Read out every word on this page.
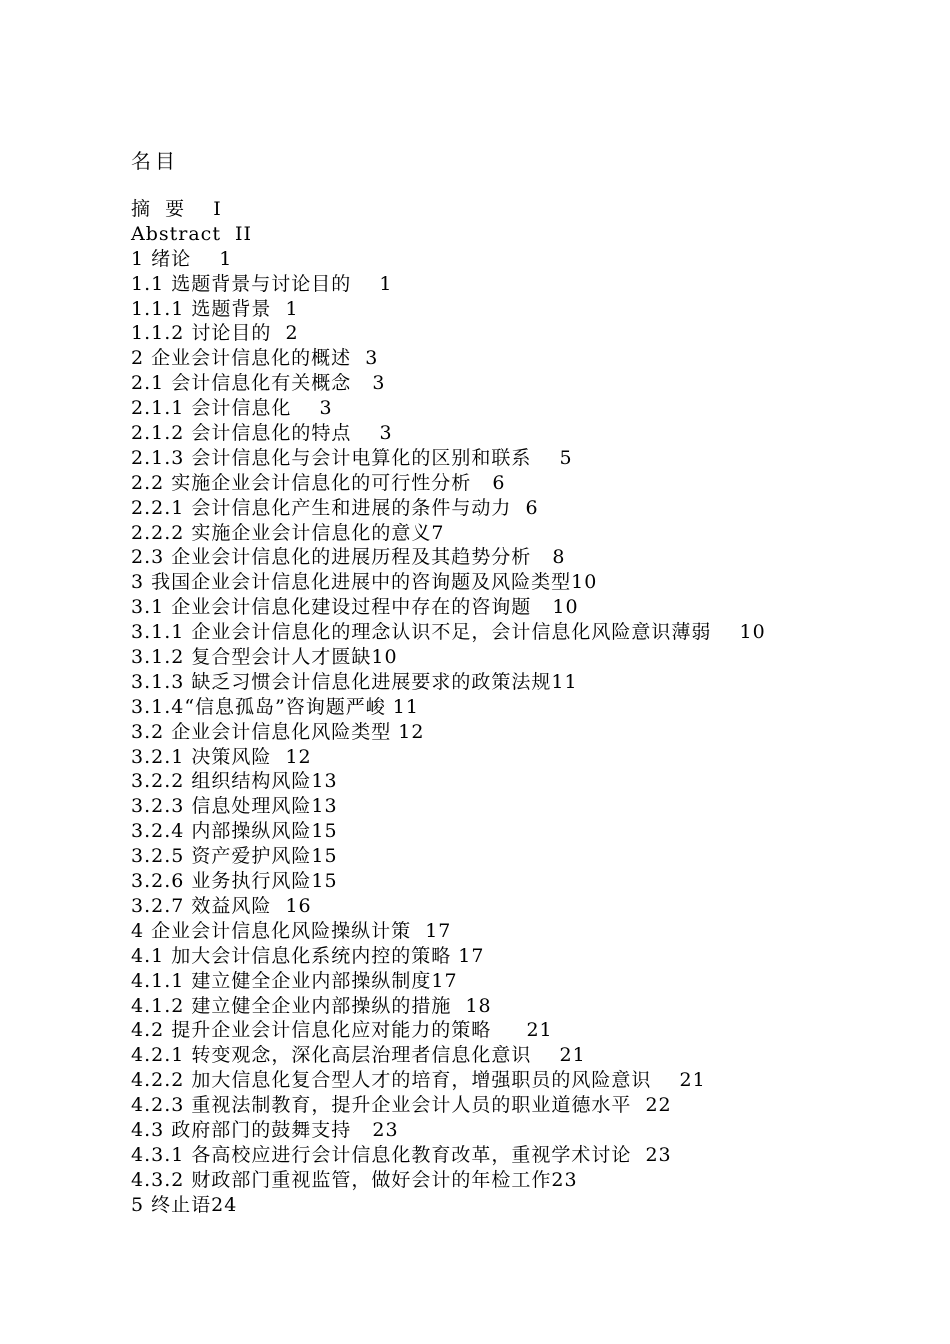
名目
摘  要    I
Abstract  II
1 绪论    1
1.1 选题背景与讨论目的    1
1.1.1 选题背景  1
1.1.2 讨论目的  2
2 企业会计信息化的概述  3
2.1 会计信息化有关概念   3
2.1.1 会计信息化    3
2.1.2 会计信息化的特点    3
2.1.3 会计信息化与会计电算化的区别和联系    5
2.2 实施企业会计信息化的可行性分析   6
2.2.1 会计信息化产生和进展的条件与动力  6
2.2.2 实施企业会计信息化的意义7
2.3 企业会计信息化的进展历程及其趋势分析   8
3 我国企业会计信息化进展中的咨询题及风险类型10
3.1 企业会计信息化建设过程中存在的咨询题   10
3.1.1 企业会计信息化的理念认识不足，会计信息化风险意识薄弱    10
3.1.2 复合型会计人才匮缺10
3.1.3 缺乏习惯会计信息化进展要求的政策法规11
3.1.4“信息孤岛”咨询题严峻 11
3.2 企业会计信息化风险类型 12
3.2.1 决策风险  12
3.2.2 组织结构风险13
3.2.3 信息处理风险13
3.2.4 内部操纵风险15
3.2.5 资产爱护风险15
3.2.6 业务执行风险15
3.2.7 效益风险  16
4 企业会计信息化风险操纵计策  17
4.1 加大会计信息化系统内控的策略 17
4.1.1 建立健全企业内部操纵制度17
4.1.2 建立健全企业内部操纵的措施  18
4.2 提升企业会计信息化应对能力的策略     21
4.2.1 转变观念，深化高层治理者信息化意识    21
4.2.2 加大信息化复合型人才的培育，增强职员的风险意识    21
4.2.3 重视法制教育，提升企业会计人员的职业道德水平  22
4.3 政府部门的鼓舞支持   23
4.3.1 各高校应进行会计信息化教育改革，重视学术讨论  23
4.3.2 财政部门重视监管，做好会计的年检工作23
5 终止语24
